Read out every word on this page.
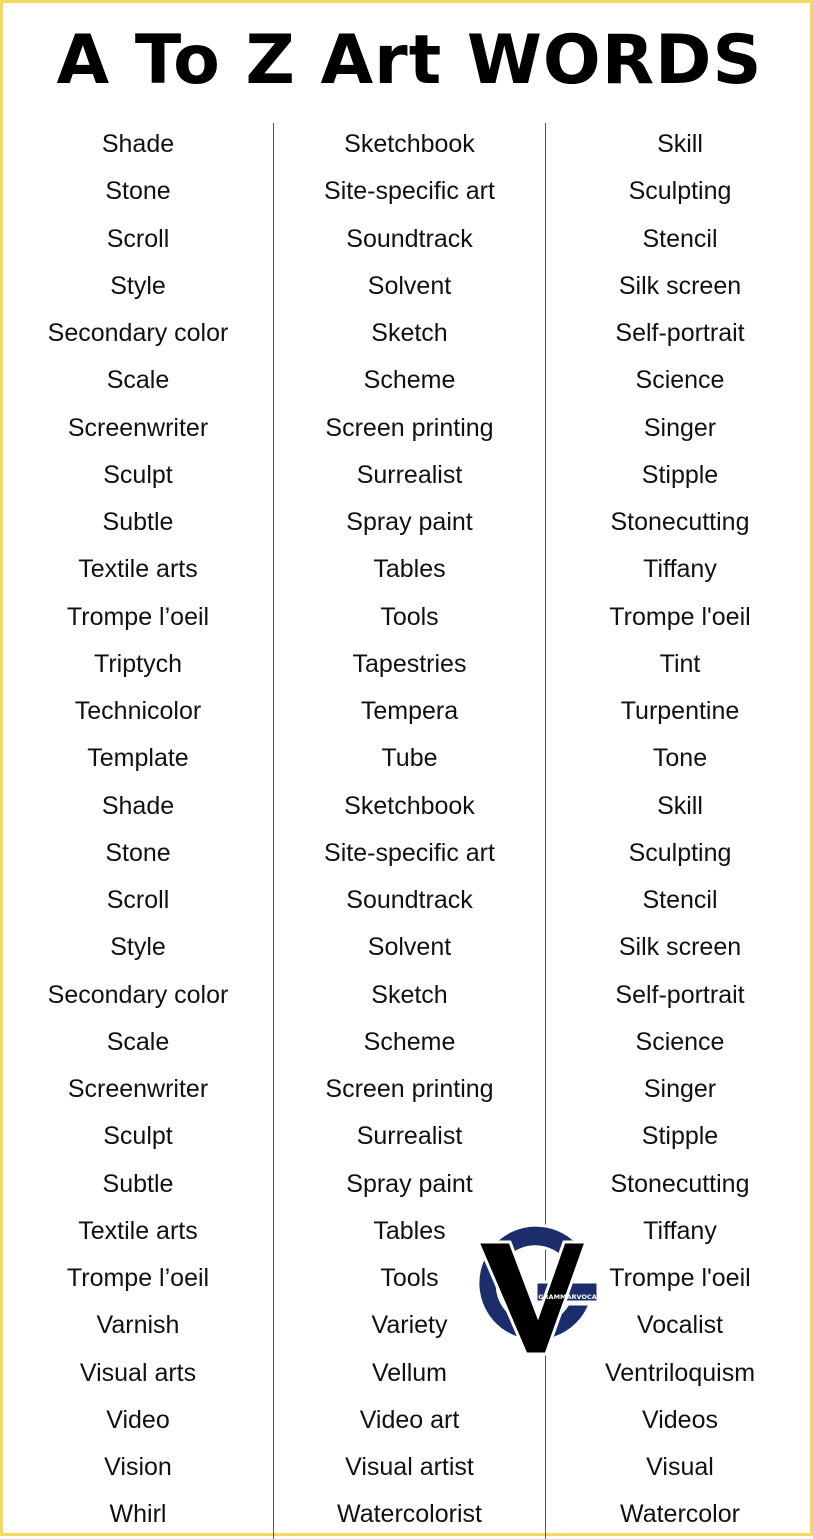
A To Z Art WORDS
Shade
Stone
Scroll
Style
Secondary color
Scale
Screenwriter
Sculpt
Subtle
Textile arts
Trompe l’oeil
Triptych
Technicolor
Template
Shade
Stone
Scroll
Style
Secondary color
Scale
Screenwriter
Sculpt
Subtle
Textile arts
Trompe l’oeil
Varnish
Visual arts
Video
Vision
Whirl
Sketchbook
Site-specific art
Soundtrack
Solvent
Sketch
Scheme
Screen printing
Surrealist
Spray paint
Tables
Tools
Tapestries
Tempera
Tube
Sketchbook
Site-specific art
Soundtrack
Solvent
Sketch
Scheme
Screen printing
Surrealist
Spray paint
Tables
Tools
Variety
Vellum
Video art
Visual artist
Watercolorist
Skill
Sculpting
Stencil
Silk screen
Self-portrait
Science
Singer
Stipple
Stonecutting
Tiffany
Trompe l'oeil
Tint
Turpentine
Tone
Skill
Sculpting
Stencil
Silk screen
Self-portrait
Science
Singer
Stipple
Stonecutting
Tiffany
Trompe l'oeil
Vocalist
Ventriloquism
Videos
Visual
Watercolor
GRAMMARVOCAB
